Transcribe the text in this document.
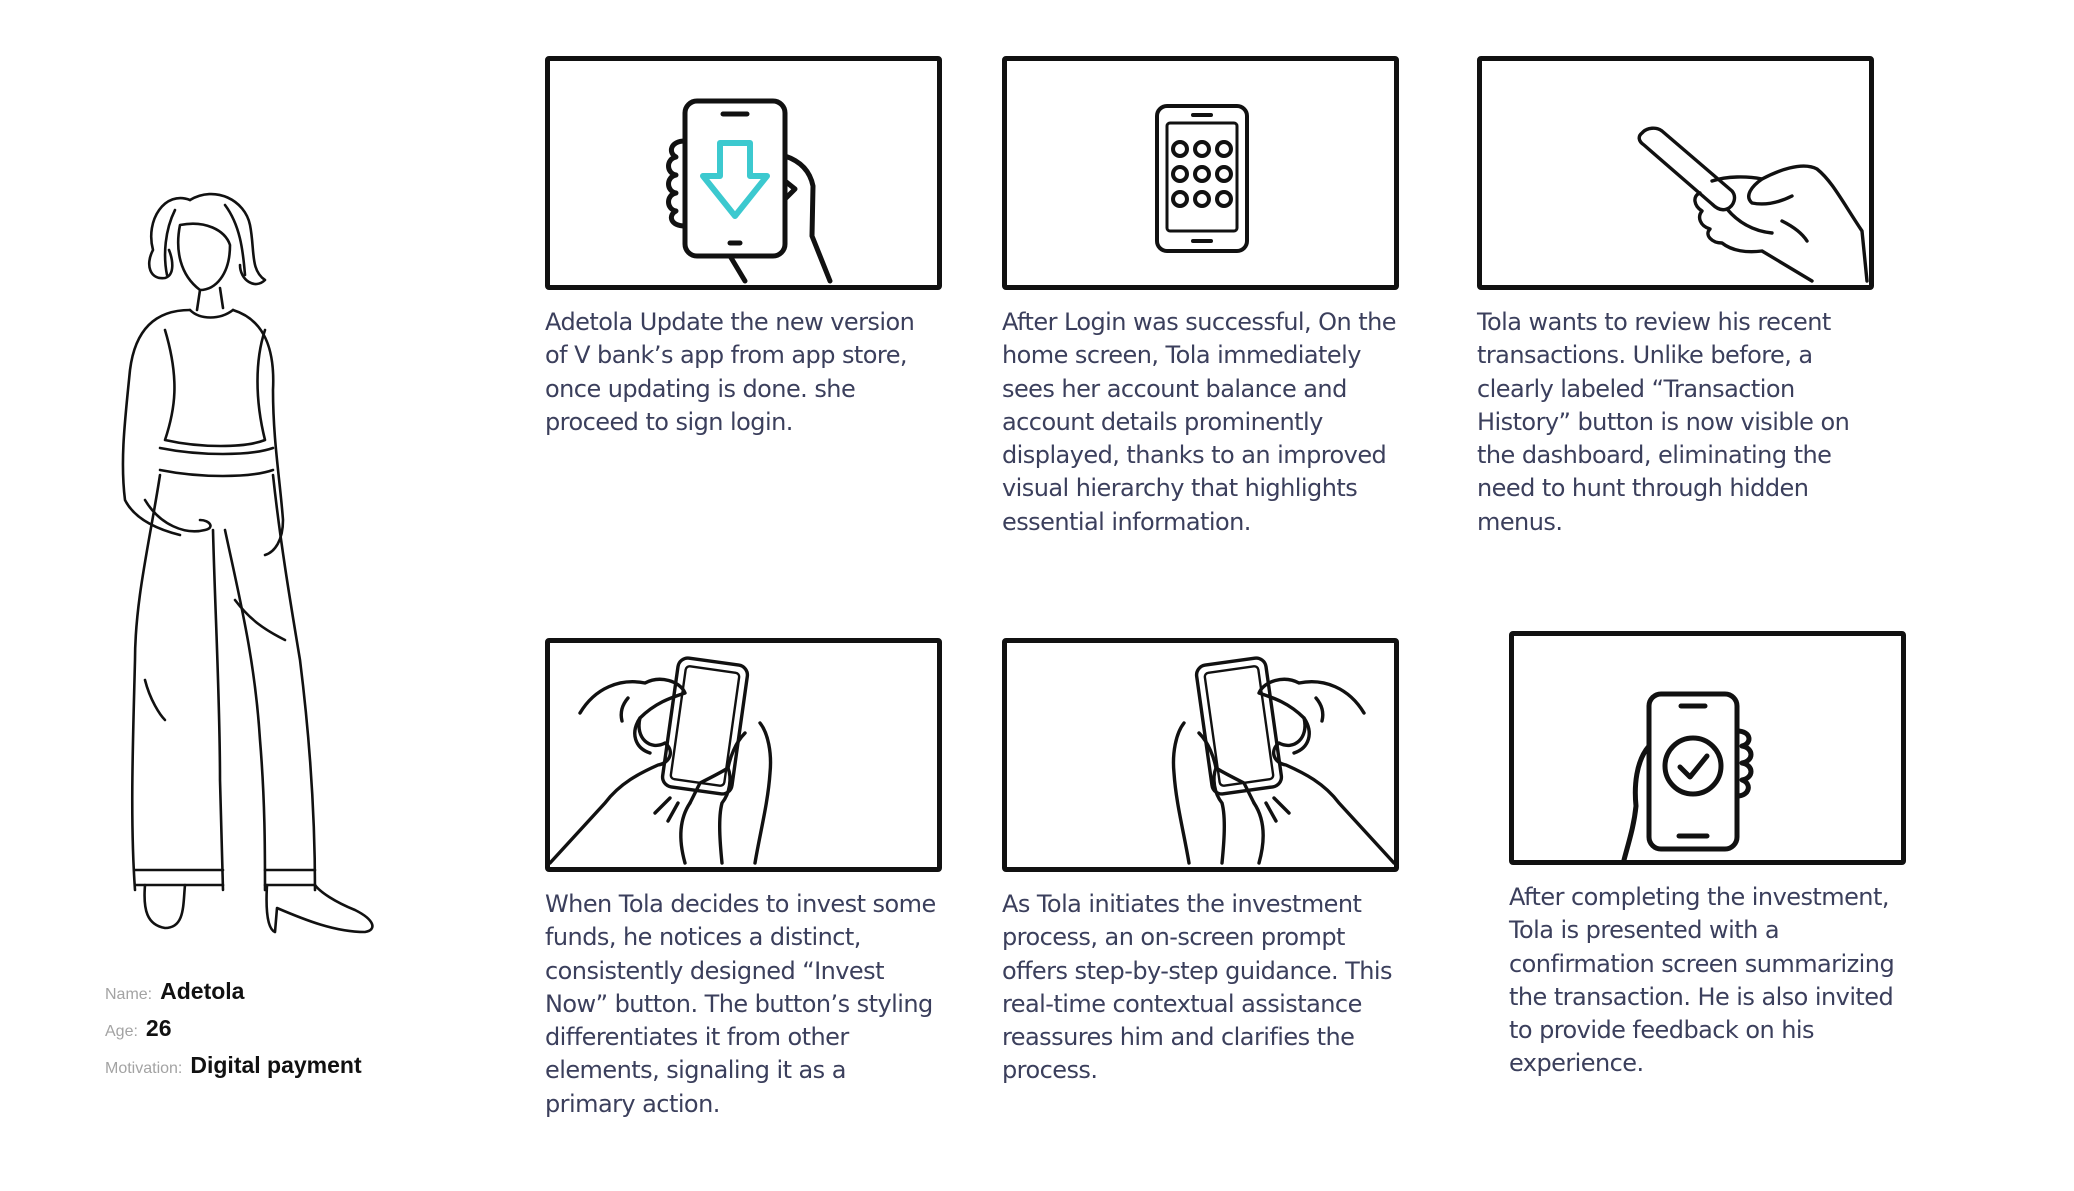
Name: Adetola
Age: 26
Motivation: Digital payment

Adetola Update the new version of V bank’s app from app store, once updating is done. she proceed to sign login.

After Login was successful, On the home screen, Tola immediately sees her account balance and account details prominently displayed, thanks to an improved visual hierarchy that highlights essential information.

Tola wants to review his recent transactions. Unlike before, a clearly labeled “Transaction History” button is now visible on the dashboard, eliminating the need to hunt through hidden menus.

When Tola decides to invest some funds, he notices a distinct, consistently designed “Invest Now” button. The button’s styling differentiates it from other elements, signaling it as a primary action.

As Tola initiates the investment process, an on-screen prompt offers step-by-step guidance. This real-time contextual assistance reassures him and clarifies the process.

After completing the investment, Tola is presented with a confirmation screen summarizing the transaction. He is also invited to provide feedback on his experience.
